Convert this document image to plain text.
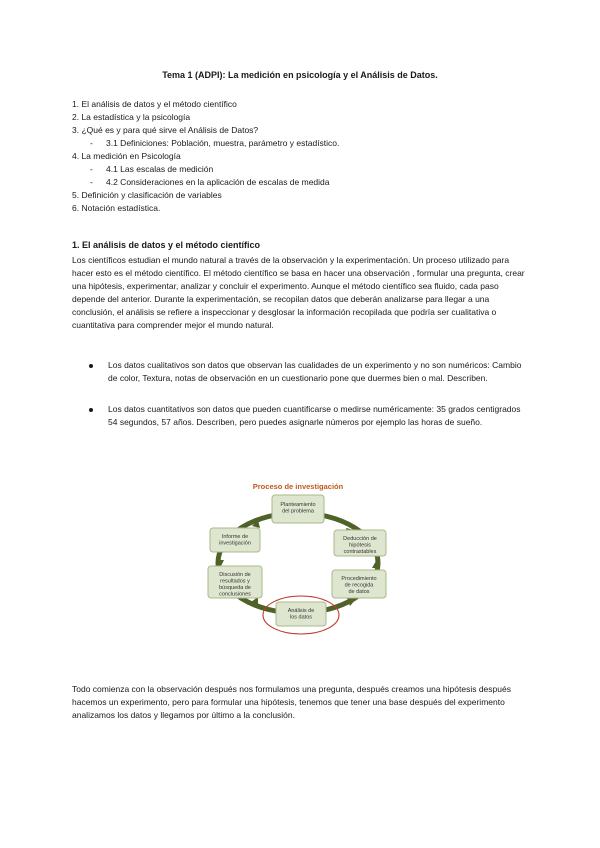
Tema 1 (ADPI): La medición en psicología y el Análisis de Datos.
1. El análisis de datos y el método científico
2. La estadística y la psicología
3. ¿Qué es y para qué sirve el Análisis de Datos?
- 3.1 Definiciones: Población, muestra, parámetro y estadístico.
4. La medición en Psicología
- 4.1 Las escalas de medición
- 4.2 Consideraciones en la aplicación de escalas de medida
5. Definición y clasificación de variables
6. Notación estadística.
1. El análisis de datos y el método científico
Los científicos estudian el mundo natural a través de la observación y la experimentación. Un proceso utilizado para hacer esto es el método científico. El método científico se basa en hacer una observación , formular una pregunta, crear una hipótesis, experimentar, analizar y concluir el experimento. Aunque el método científico sea fluido, cada paso depende del anterior. Durante la experimentación, se recopilan datos que deberán analizarse para llegar a una conclusión, el análisis se refiere a inspeccionar y desglosar la información recopilada que podría ser cualitativa o cuantitativa para comprender mejor el mundo natural.
Los datos cualitativos son datos que observan las cualidades de un experimento y no son numéricos: Cambio de color, Textura, notas de observación en un cuestionario pone que duermes bien o mal. Describen.
Los datos cuantitativos son datos que pueden cuantificarse o medirse numéricamente: 35 grados centigrados 54 segundos, 57 años. Describen, pero puedes asignarle números por ejemplo las horas de sueño.
Proceso de investigación
Planteamiento del problema
Deducción de hipótesis contrastables
Procedimiento de recogida de datos
Análisis de los datos
Discusión de resultados y búsqueda de conclusiones
Informe de investigación
Todo comienza con la observación después nos formulamos una pregunta, después creamos una hipótesis después hacemos un experimento, pero para formular una hipótesis, tenemos que tener una base después del experimento analizamos los datos y llegamos por último a la conclusión.
